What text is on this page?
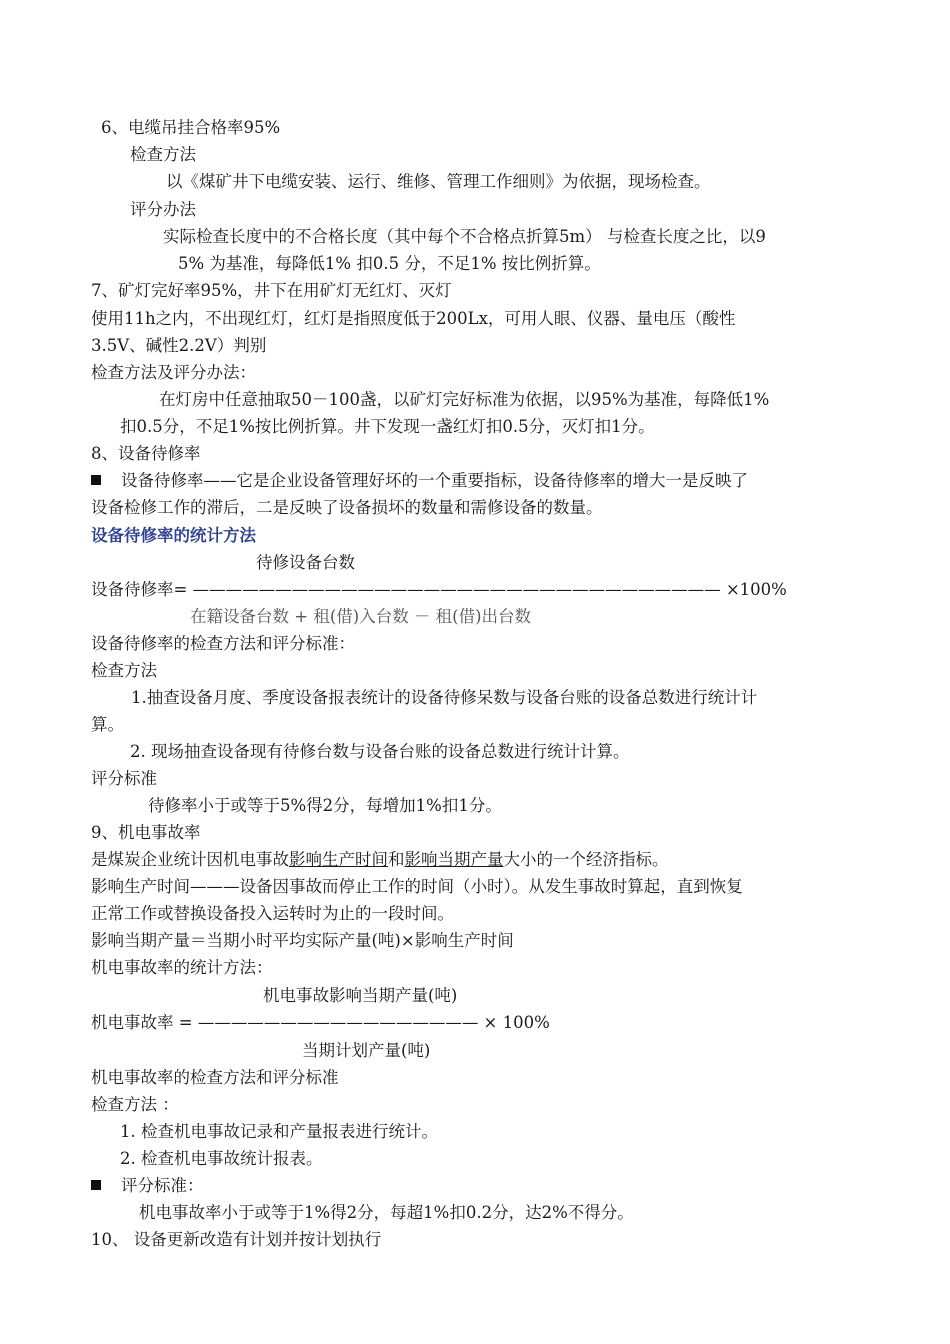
6、电缆吊挂合格率95%
检查方法
以《煤矿井下电缆安装、运行、维修、管理工作细则》为依据，现场检查。
评分办法
实际检查长度中的不合格长度（其中每个不合格点折算5m） 与检查长度之比，以9
5% 为基准，每降低1% 扣0.5 分，不足1% 按比例折算。
7、矿灯完好率95%，井下在用矿灯无红灯、灭灯
使用11h之内，不出现红灯，红灯是指照度低于200Lx，可用人眼、仪器、量电压（酸性
3.5V、碱性2.2V）判别
检查方法及评分办法：
在灯房中任意抽取50－100盏，以矿灯完好标准为依据，以95%为基准，每降低1%
扣0.5分，不足1%按比例折算。井下发现一盏红灯扣0.5分，灭灯扣1分。
8、设备待修率
设备待修率——它是企业设备管理好坏的一个重要指标，设备待修率的增大一是反映了
设备检修工作的滞后，二是反映了设备损坏的数量和需修设备的数量。
设备待修率的统计方法
待修设备台数
设备待修率= ———————————————————————————————— ×100%
在籍设备台数 + 租(借)入台数 － 租(借)出台数
设备待修率的检查方法和评分标准：
检查方法
1.抽查设备月度、季度设备报表统计的设备待修呆数与设备台账的设备总数进行统计计
算。
2. 现场抽查设备现有待修台数与设备台账的设备总数进行统计计算。
评分标准
待修率小于或等于5%得2分，每增加1%扣1分。
9、机电事故率
是煤炭企业统计因机电事故影响生产时间和影响当期产量大小的一个经济指标。
影响生产时间———设备因事故而停止工作的时间（小时）。从发生事故时算起，直到恢复
正常工作或替换设备投入运转时为止的一段时间。
影响当期产量＝当期小时平均实际产量(吨)×影响生产时间
机电事故率的统计方法：
机电事故影响当期产量(吨)
机电事故率 = ————————————————— × 100%
当期计划产量(吨)
机电事故率的检查方法和评分标准
检查方法 ：
1. 检查机电事故记录和产量报表进行统计。
2. 检查机电事故统计报表。
评分标准：
机电事故率小于或等于1%得2分，每超1%扣0.2分，达2%不得分。
10、 设备更新改造有计划并按计划执行
